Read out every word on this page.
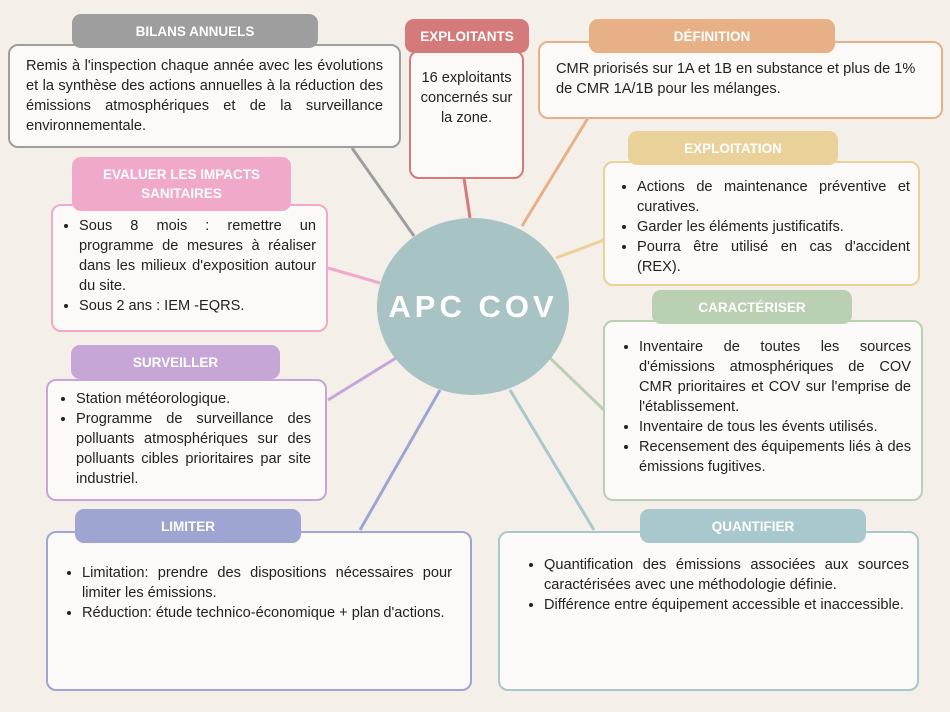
APC COV

Remis à l'inspection chaque année avec les évolutions et la synthèse des actions annuelles à la réduction des émissions atmosphériques et de la surveillance environnementale.

BILANS ANNUELS

16 exploitants concernés sur la zone.

EXPLOITANTS

CMR priorisés sur 1A et 1B en substance et plus de 1% de CMR 1A/1B pour les mélanges.

DÉFINITION
• Actions de maintenance préventive et curatives.
• Garder les éléments justificatifs.
• Pourra être utilisé en cas d'accident (REX).
EXPLOITATION
• Sous 8 mois : remettre un programme de mesures à réaliser dans les milieux d'exposition autour du site.
• Sous 2 ans : IEM -EQRS.
EVALUER LES IMPACTS SANITAIRES
• Inventaire de toutes les sources d'émissions atmosphériques de COV CMR prioritaires et COV sur l'emprise de l'établissement.
• Inventaire de tous les évents utilisés.
• Recensement des équipements liés à des émissions fugitives.
CARACTÉRISER
• Station météorologique.
• Programme de surveillance des polluants atmosphériques sur des polluants cibles prioritaires par site industriel.
SURVEILLER
• Limitation: prendre des dispositions nécessaires pour limiter les émissions.
• Réduction: étude technico-économique + plan d'actions.
LIMITER
• Quantification des émissions associées aux sources caractérisées avec une méthodologie définie.
• Différence entre équipement accessible et inaccessible.
QUANTIFIER
